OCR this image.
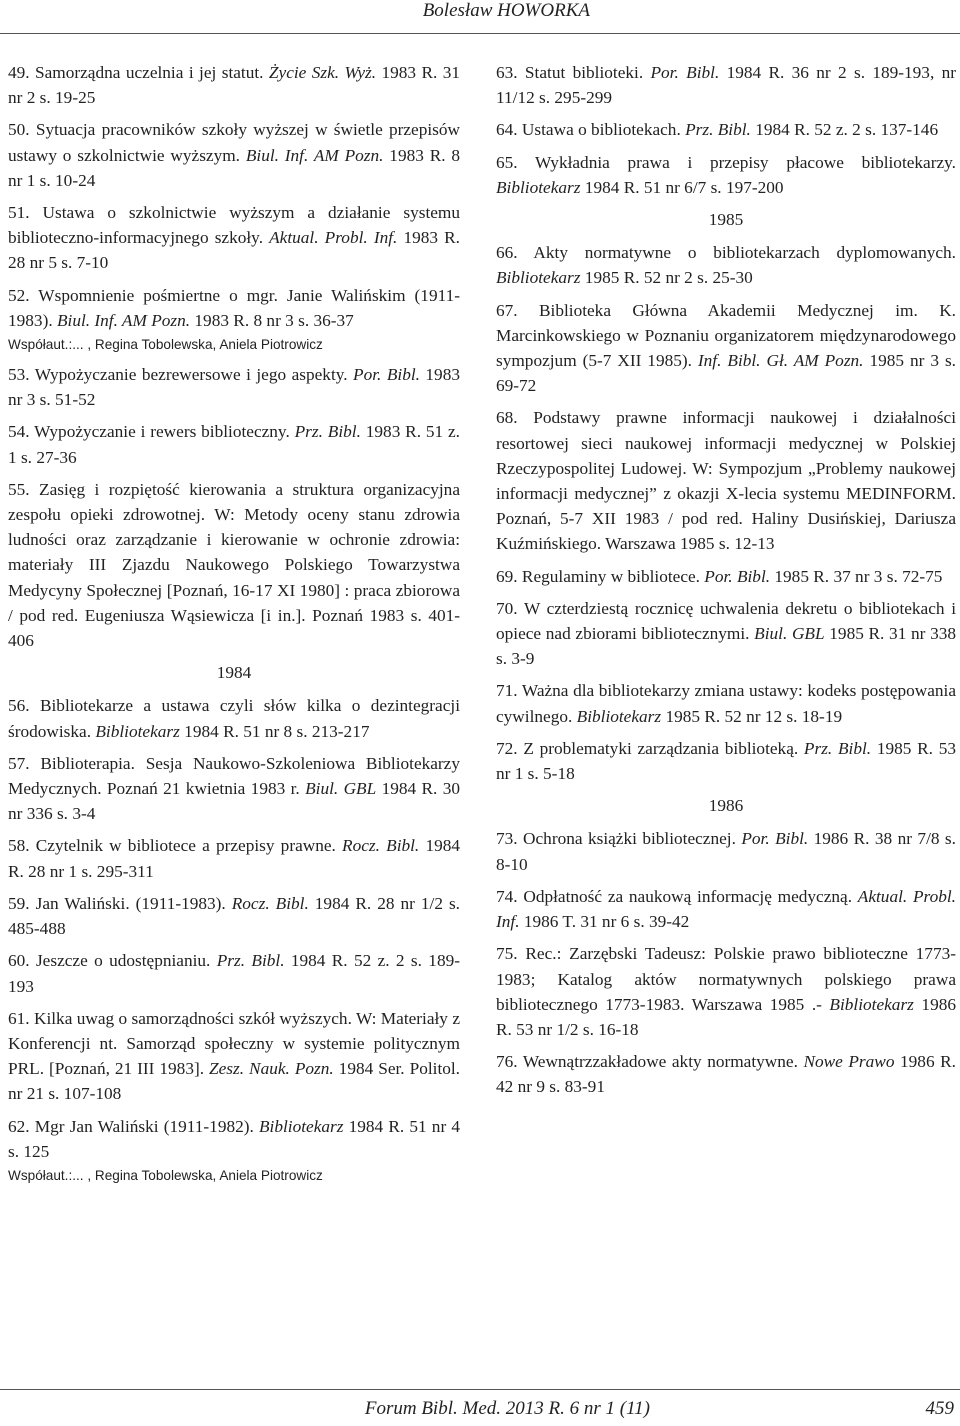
Bolesław HOWORKA

49. Samorządna uczelnia i jej statut. Życie Szk. Wyż. 1983 R. 31 nr 2 s. 19-25

50. Sytuacja pracowników szkoły wyższej w świetle przepisów ustawy o szkolnictwie wyższym. Biul. Inf. AM Pozn. 1983 R. 8 nr 1 s. 10-24

51. Ustawa o szkolnictwie wyższym a działanie systemu biblioteczno-informacyjnego szkoły. Aktual. Probl. Inf. 1983 R. 28 nr 5 s. 7-10

52. Wspomnienie pośmiertne o mgr. Janie Walińskim (1911-1983). Biul. Inf. AM Pozn. 1983 R. 8 nr 3 s. 36-37

Współaut.:... , Regina Tobolewska, Aniela Piotrowicz

53. Wypożyczanie bezrewersowe i jego aspekty. Por. Bibl. 1983 nr 3 s. 51-52

54. Wypożyczanie i rewers biblioteczny. Prz. Bibl. 1983 R. 51 z. 1 s. 27-36

55. Zasięg i rozpiętość kierowania a struktura organizacyjna zespołu opieki zdrowotnej. W: Metody oceny stanu zdrowia ludności oraz zarządzanie i kierowanie w ochronie zdrowia: materiały III Zjazdu Naukowego Polskiego Towarzystwa Medycyny Społecznej [Poznań, 16-17 XI 1980] : praca zbiorowa / pod red. Eugeniusza Wąsiewicza [i in.]. Poznań 1983 s. 401-406

1984

56. Bibliotekarze a ustawa czyli słów kilka o dezintegracji środowiska. Bibliotekarz 1984 R. 51 nr 8 s. 213-217

57. Biblioterapia. Sesja Naukowo-Szkoleniowa Bibliotekarzy Medycznych. Poznań 21 kwietnia 1983 r. Biul. GBL 1984 R. 30 nr 336 s. 3-4

58. Czytelnik w bibliotece a przepisy prawne. Rocz. Bibl. 1984 R. 28 nr 1 s. 295-311

59. Jan Waliński. (1911-1983). Rocz. Bibl. 1984 R. 28 nr 1/2 s. 485-488

60. Jeszcze o udostępnianiu. Prz. Bibl. 1984 R. 52 z. 2 s. 189-193

61. Kilka uwag o samorządności szkół wyższych. W: Materiały z Konferencji nt. Samorząd społeczny w systemie politycznym PRL. [Poznań, 21 III 1983]. Zesz. Nauk. Pozn. 1984 Ser. Politol. nr 21 s. 107-108

62. Mgr Jan Waliński (1911-1982). Bibliotekarz 1984 R. 51 nr 4 s. 125

Współaut.:... , Regina Tobolewska, Aniela Piotrowicz

63. Statut biblioteki. Por. Bibl. 1984 R. 36 nr 2 s. 189-193, nr 11/12 s. 295-299

64. Ustawa o bibliotekach. Prz. Bibl. 1984 R. 52 z. 2 s. 137-146

65. Wykładnia prawa i przepisy płacowe bibliotekarzy. Bibliotekarz 1984 R. 51 nr 6/7 s. 197-200

1985

66. Akty normatywne o bibliotekarzach dyplomowanych. Bibliotekarz 1985 R. 52 nr 2 s. 25-30

67. Biblioteka Główna Akademii Medycznej im. K. Marcinkowskiego w Poznaniu organizatorem międzynarodowego sympozjum (5-7 XII 1985). Inf. Bibl. Gł. AM Pozn. 1985 nr 3 s. 69-72

68. Podstawy prawne informacji naukowej i działalności resortowej sieci naukowej informacji medycznej w Polskiej Rzeczypospolitej Ludowej. W: Sympozjum „Problemy naukowej informacji medycznej” z okazji X-lecia systemu MEDINFORM. Poznań, 5-7 XII 1983 / pod red. Haliny Dusińskiej, Dariusza Kuźmińskiego. Warszawa 1985 s. 12-13

69. Regulaminy w bibliotece. Por. Bibl. 1985 R. 37 nr 3 s. 72-75

70. W czterdziestą rocznicę uchwalenia dekretu o bibliotekach i opiece nad zbiorami bibliotecznymi. Biul. GBL 1985 R. 31 nr 338 s. 3-9

71. Ważna dla bibliotekarzy zmiana ustawy: kodeks postępowania cywilnego. Bibliotekarz 1985 R. 52 nr 12 s. 18-19

72. Z problematyki zarządzania biblioteką. Prz. Bibl. 1985 R. 53 nr 1 s. 5-18

1986

73. Ochrona książki bibliotecznej. Por. Bibl. 1986 R. 38 nr 7/8 s. 8-10

74. Odpłatność za naukową informację medyczną. Aktual. Probl. Inf. 1986 T. 31 nr 6 s. 39-42

75. Rec.: Zarzębski Tadeusz: Polskie prawo biblioteczne 1773-1983; Katalog aktów normatywnych polskiego prawa bibliotecznego 1773-1983. Warszawa 1985 .- Bibliotekarz 1986 R. 53 nr 1/2 s. 16-18

76. Wewnątrzzakładowe akty normatywne. Nowe Prawo 1986 R. 42 nr 9 s. 83-91

Forum Bibl. Med. 2013 R. 6 nr 1 (11)	459
